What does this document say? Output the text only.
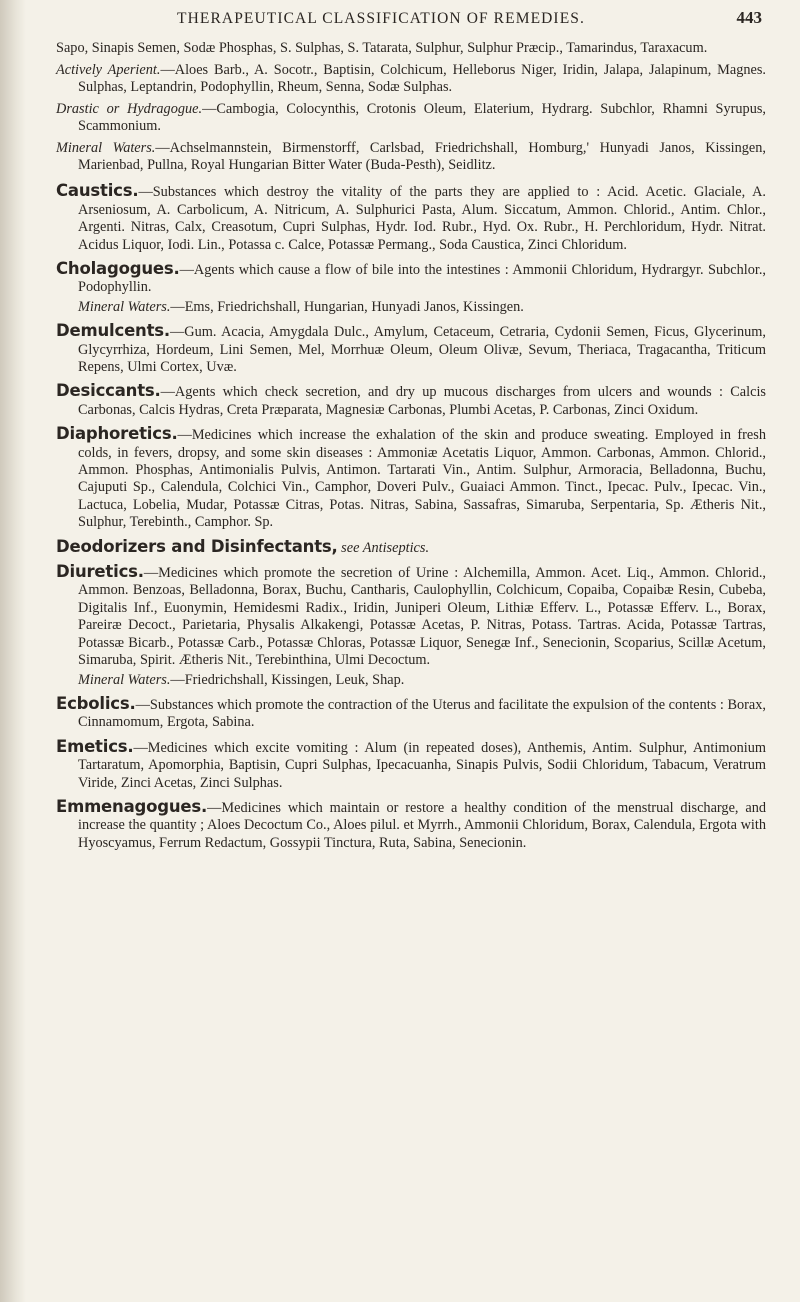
THERAPEUTICAL CLASSIFICATION OF REMEDIES.	443

Sapo, Sinapis Semen, Sodæ Phosphas, S. Sulphas, S. Tatarata, Sulphur, Sulphur Præcip., Tamarindus, Taraxacum.

Actively Aperient.—Aloes Barb., A. Socotr., Baptisin, Colchicum, Helleborus Niger, Iridin, Jalapa, Jalapinum, Magnes. Sulphas, Leptandrin, Podophyllin, Rheum, Senna, Sodæ Sulphas.

Drastic or Hydragogue.—Cambogia, Colocynthis, Crotonis Oleum, Elaterium, Hydrarg. Subchlor, Rhamni Syrupus, Scammonium.

Mineral Waters.—Achselmannstein, Birmenstorff, Carlsbad, Friedrichshall, Homburg,' Hunyadi Janos, Kissingen, Marienbad, Pullna, Royal Hungarian Bitter Water (Buda-Pesth), Seidlitz.

Caustics.—Substances which destroy the vitality of the parts they are applied to : Acid. Acetic. Glaciale, A. Arseniosum, A. Carbolicum, A. Nitricum, A. Sulphurici Pasta, Alum. Siccatum, Ammon. Chlorid., Antim. Chlor., Argenti. Nitras, Calx, Creasotum, Cupri Sulphas, Hydr. Iod. Rubr., Hyd. Ox. Rubr., H. Perchloridum, Hydr. Nitrat. Acidus Liquor, Iodi. Lin., Potassa c. Calce, Potassæ Permang., Soda Caustica, Zinci Chloridum.

Cholagogues.—Agents which cause a flow of bile into the intestines : Ammonii Chloridum, Hydrargyr. Subchlor., Podophyllin.

Mineral Waters.—Ems, Friedrichshall, Hungarian, Hunyadi Janos, Kissingen.

Demulcents.—Gum. Acacia, Amygdala Dulc., Amylum, Cetaceum, Cetraria, Cydonii Semen, Ficus, Glycerinum, Glycyrrhiza, Hordeum, Lini Semen, Mel, Morrhuæ Oleum, Oleum Olivæ, Sevum, Theriaca, Tragacantha, Triticum Repens, Ulmi Cortex, Uvæ.

Desiccants.—Agents which check secretion, and dry up mucous discharges from ulcers and wounds : Calcis Carbonas, Calcis Hydras, Creta Præparata, Magnesiæ Carbonas, Plumbi Acetas, P. Carbonas, Zinci Oxidum.

Diaphoretics.—Medicines which increase the exhalation of the skin and produce sweating. Employed in fresh colds, in fevers, dropsy, and some skin diseases : Ammoniæ Acetatis Liquor, Ammon. Carbonas, Ammon. Chlorid., Ammon. Phosphas, Antimonialis Pulvis, Antimon. Tartarati Vin., Antim. Sulphur, Armoracia, Belladonna, Buchu, Cajuputi Sp., Calendula, Colchici Vin., Camphor, Doveri Pulv., Guaiaci Ammon. Tinct., Ipecac. Pulv., Ipecac. Vin., Lactuca, Lobelia, Mudar, Potassæ Citras, Potas. Nitras, Sabina, Sassafras, Simaruba, Serpentaria, Sp. Ætheris Nit., Sulphur, Terebinth., Camphor. Sp.

Deodorizers and Disinfectants, see Antiseptics.

Diuretics.—Medicines which promote the secretion of Urine : Alchemilla, Ammon. Acet. Liq., Ammon. Chlorid., Ammon. Benzoas, Belladonna, Borax, Buchu, Cantharis, Caulophyllin, Colchicum, Copaiba, Copaibæ Resin, Cubeba, Digitalis Inf., Euonymin, Hemidesmi Radix., Iridin, Juniperi Oleum, Lithiæ Efferv. L., Potassæ Efferv. L., Borax, Pareiræ Decoct., Parietaria, Physalis Alkakengi, Potassæ Acetas, P. Nitras, Potass. Tartras. Acida, Potassæ Tartras, Potassæ Bicarb., Potassæ Carb., Potassæ Chloras, Potassæ Liquor, Senegæ Inf., Senecionin, Scoparius, Scillæ Acetum, Simaruba, Spirit. Ætheris Nit., Terebinthina, Ulmi Decoctum.

Mineral Waters.—Friedrichshall, Kissingen, Leuk, Shap.

Ecbolics.—Substances which promote the contraction of the Uterus and facilitate the expulsion of the contents : Borax, Cinnamomum, Ergota, Sabina.

Emetics.—Medicines which excite vomiting : Alum (in repeated doses), Anthemis, Antim. Sulphur, Antimonium Tartaratum, Apomorphia, Baptisin, Cupri Sulphas, Ipecacuanha, Sinapis Pulvis, Sodii Chloridum, Tabacum, Veratrum Viride, Zinci Acetas, Zinci Sulphas.

Emmenagogues.—Medicines which maintain or restore a healthy condition of the menstrual discharge, and increase the quantity ; Aloes Decoctum Co., Aloes pilul. et Myrrh., Ammonii Chloridum, Borax, Calendula, Ergota with Hyoscyamus, Ferrum Redactum, Gossypii Tinctura, Ruta, Sabina, Senecionin.
